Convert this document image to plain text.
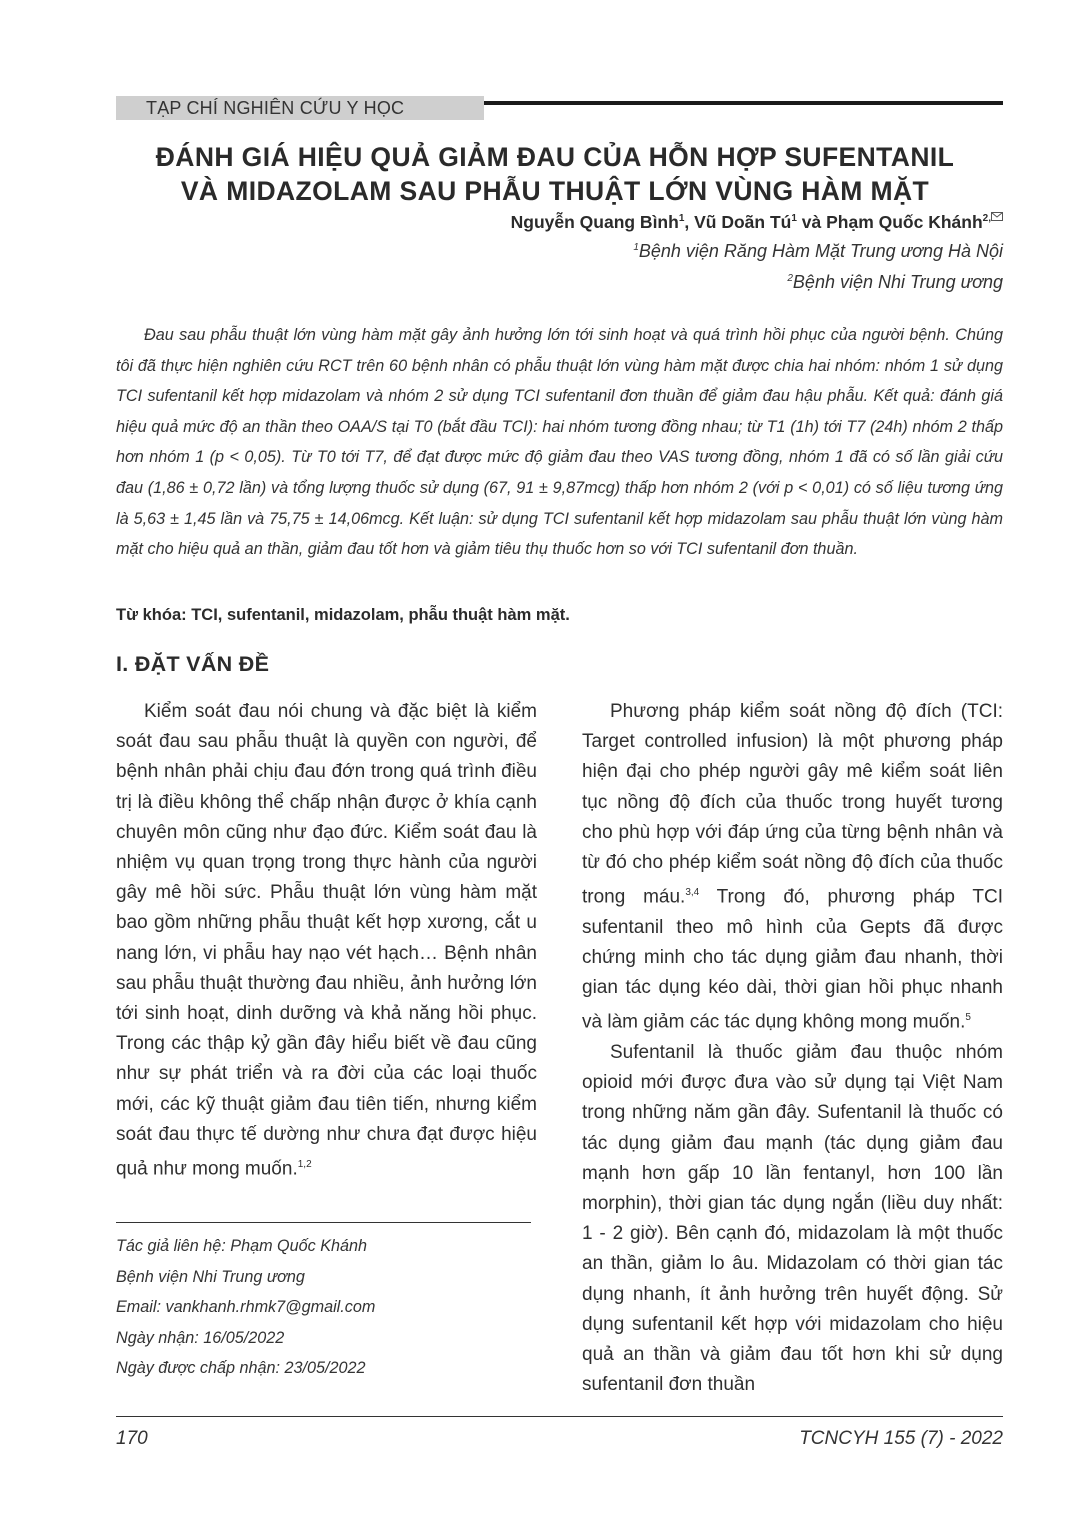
TẠP CHÍ NGHIÊN CỨU Y HỌC
ĐÁNH GIÁ HIỆU QUẢ GIẢM ĐAU CỦA HỖN HỢP SUFENTANIL
VÀ MIDAZOLAM SAU PHẪU THUẬT LỚN VÙNG HÀM MẶT
Nguyễn Quang Bình$^1$, Vũ Doãn $Tú^1$ và Phạm Quốc Khánh$^{2,}$
$^1$Bệnh viện Răng Hàm Mặt Trung ương Hà Nội
$^2$Bệnh viện Nhi Trung ương
Đau sau phẫu thuật lớn vùng hàm mặt gây ảnh hưởng lớn tới sinh hoạt và quá trình hồi phục của người bệnh. Chúng tôi đã thực hiện nghiên cứu RCT trên 60 bệnh nhân có phẫu thuật lớn vùng hàm mặt được chia hai nhóm: nhóm 1 sử dụng TCI sufentanil kết hợp midazolam và nhóm 2 sử dụng TCI sufentanil đơn thuần để giảm đau hậu phẫu. Kết quả: đánh giá hiệu quả mức độ an thần theo OAA/S tại T0 (bắt đầu TCI): hai nhóm tương đồng nhau; từ T1 (1h) tới T7 (24h) nhóm 2 thấp hơn nhóm 1 (p < 0,05). Từ T0 tới T7, để đạt được mức độ giảm đau theo VAS tương đồng, nhóm 1 đã có số lần giải cứu đau (1,86 ± 0,72 lần) và tổng lượng thuốc sử dụng (67, 91 ± 9,87mcg) thấp hơn nhóm 2 (với p < 0,01) có số liệu tương ứng là 5,63 ± 1,45 lần và 75,75 ± 14,06mcg. Kết luận: sử dụng TCI sufentanil kết hợp midazolam sau phẫu thuật lớn vùng hàm mặt cho hiệu quả an thần, giảm đau tốt hơn và giảm tiêu thụ thuốc hơn so với TCI sufentanil đơn thuần.
Từ khóa: TCI, sufentanil, midazolam, phẫu thuật hàm mặt.
I. ĐẶT VẤN ĐỀ

Kiểm soát đau nói chung và đặc biệt là kiểm soát đau sau phẫu thuật là quyền con người, để bệnh nhân phải chịu đau đớn trong quá trình điều trị là điều không thể chấp nhận được ở khía cạnh chuyên môn cũng như đạo đức. Kiểm soát đau là nhiệm vụ quan trọng trong thực hành của người gây mê hồi sức. Phẫu thuật lớn vùng hàm mặt bao gồm những phẫu thuật kết hợp xương, cắt u nang lớn, vi phẫu hay nạo vét hạch… Bệnh nhân sau phẫu thuật thường đau nhiều, ảnh hưởng lớn tới sinh hoạt, dinh dưỡng và khả năng hồi phục. Trong các thập kỷ gần đây hiểu biết về đau cũng như sự phát triển và ra đời của các loại thuốc mới, các kỹ thuật giảm đau tiên tiến, nhưng kiểm soát đau thực tế dường như chưa đạt được hiệu quả như mong muốn.$^{1,2}$

Tác giả liên hệ: Phạm Quốc Khánh
Bệnh viện Nhi Trung ương
Email: vankhanh.rhmk7@gmail.com
Ngày nhận: 16/05/2022
Ngày được chấp nhận: 23/05/2022

Phương pháp kiểm soát nồng độ đích (TCI: Target controlled infusion) là một phương pháp hiện đại cho phép người gây mê kiểm soát liên tục nồng độ đích của thuốc trong huyết tương cho phù hợp với đáp ứng của từng bệnh nhân và từ đó cho phép kiểm soát nồng độ đích của thuốc trong máu.$^{3,4}$ Trong đó, phương pháp TCI sufentanil theo mô hình của Gepts đã được chứng minh cho tác dụng giảm đau nhanh, thời gian tác dụng kéo dài, thời gian hồi phục nhanh và làm giảm các tác dụng không mong muốn.$^5$

Sufentanil là thuốc giảm đau thuộc nhóm opioid mới được đưa vào sử dụng tại Việt Nam trong những năm gần đây. Sufentanil là thuốc có tác dụng giảm đau mạnh (tác dụng giảm đau mạnh hơn gấp 10 lần fentanyl, hơn 100 lần morphin), thời gian tác dụng ngắn (liều duy nhất: 1 - 2 giờ). Bên cạnh đó, midazolam là một thuốc an thần, giảm lo âu. Midazolam có thời gian tác dụng nhanh, ít ảnh hưởng trên huyết động. Sử dụng sufentanil kết hợp với midazolam cho hiệu quả an thần và giảm đau tốt hơn khi sử dụng sufentanil đơn thuần

170	TCNCYH 155 (7) - 2022
